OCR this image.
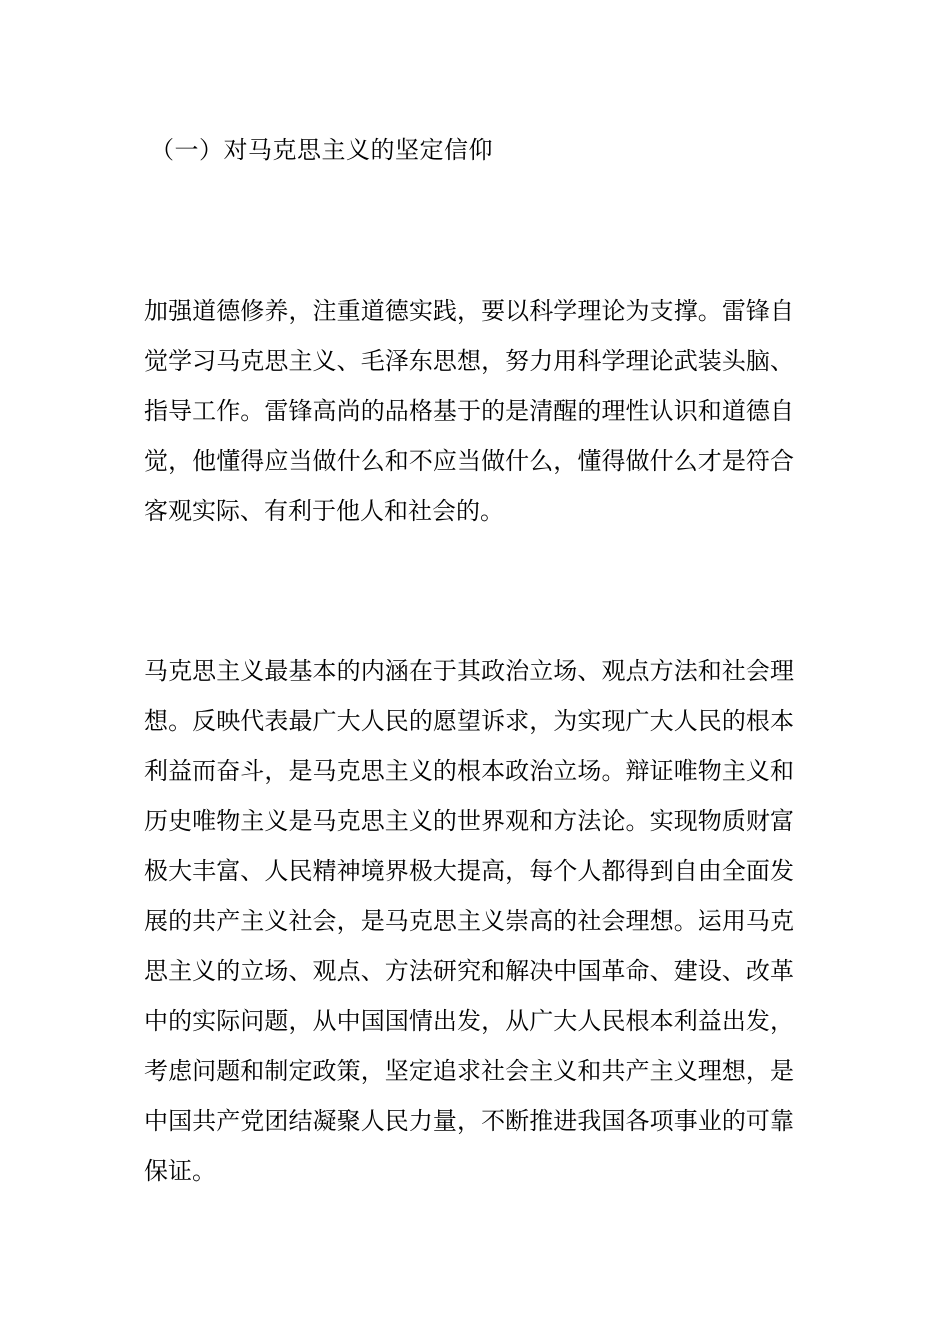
（一）对马克思主义的坚定信仰
加强道德修养，注重道德实践，要以科学理论为支撑。雷锋自
觉学习马克思主义、毛泽东思想，努力用科学理论武装头脑、
指导工作。雷锋高尚的品格基于的是清醒的理性认识和道德自
觉，他懂得应当做什么和不应当做什么，懂得做什么才是符合
客观实际、有利于他人和社会的。
马克思主义最基本的内涵在于其政治立场、观点方法和社会理
想。反映代表最广大人民的愿望诉求，为实现广大人民的根本
利益而奋斗，是马克思主义的根本政治立场。辩证唯物主义和
历史唯物主义是马克思主义的世界观和方法论。实现物质财富
极大丰富、人民精神境界极大提高，每个人都得到自由全面发
展的共产主义社会，是马克思主义崇高的社会理想。运用马克
思主义的立场、观点、方法研究和解决中国革命、建设、改革
中的实际问题，从中国国情出发，从广大人民根本利益出发，
考虑问题和制定政策，坚定追求社会主义和共产主义理想，是
中国共产党团结凝聚人民力量，不断推进我国各项事业的可靠
保证。
